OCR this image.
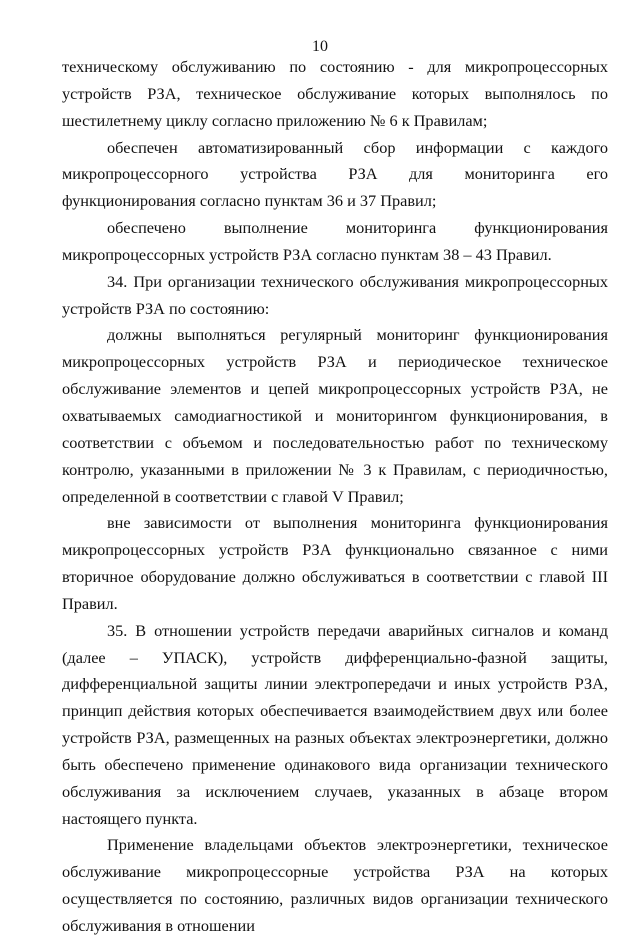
10

техническому обслуживанию по состоянию - для микропроцессорных устройств РЗА, техническое обслуживание которых выполнялось по шестилетнему циклу согласно приложению № 6 к Правилам;

обеспечен автоматизированный сбор информации с каждого микропроцессорного устройства РЗА для мониторинга его функционирования согласно пунктам 36 и 37 Правил;

обеспечено выполнение мониторинга функционирования микропроцессорных устройств РЗА согласно пунктам 38 – 43 Правил.

34. При организации технического обслуживания микропроцессорных устройств РЗА по состоянию:

должны выполняться регулярный мониторинг функционирования микропроцессорных устройств РЗА и периодическое техническое обслуживание элементов и цепей микропроцессорных устройств РЗА, не охватываемых самодиагностикой и мониторингом функционирования, в соответствии с объемом и последовательностью работ по техническому контролю, указанными в приложении № 3 к Правилам, с периодичностью, определенной в соответствии с главой V Правил;

вне зависимости от выполнения мониторинга функционирования микропроцессорных устройств РЗА функционально связанное с ними вторичное оборудование должно обслуживаться в соответствии с главой III Правил.

35. В отношении устройств передачи аварийных сигналов и команд (далее – УПАСК), устройств дифференциально-фазной защиты, дифференциальной защиты линии электропередачи и иных устройств РЗА, принцип действия которых обеспечивается взаимодействием двух или более устройств РЗА, размещенных на разных объектах электроэнергетики, должно быть обеспечено применение одинакового вида организации технического обслуживания за исключением случаев, указанных в абзаце втором настоящего пункта.

Применение владельцами объектов электроэнергетики, техническое обслуживание микропроцессорные устройства РЗА на которых осуществляется по состоянию, различных видов организации технического обслуживания в отношении
